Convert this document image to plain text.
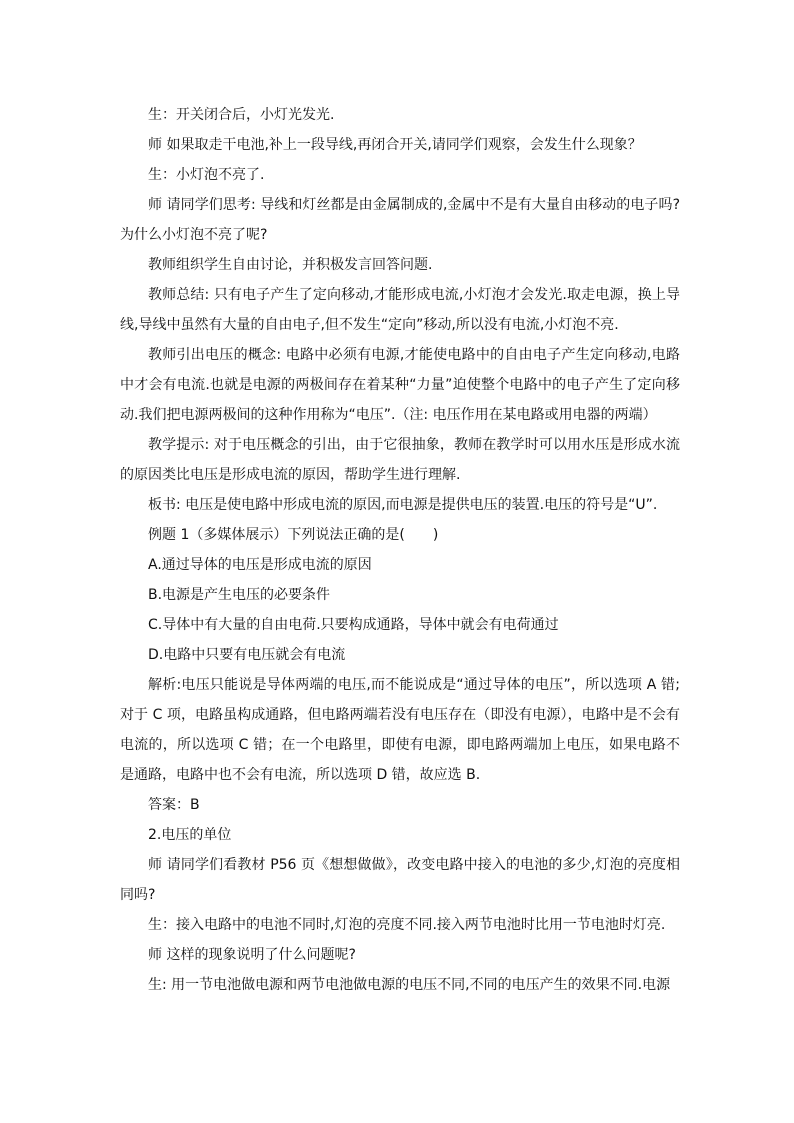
生：开关闭合后，小灯光发光.

师 如果取走干电池,补上一段导线,再闭合开关,请同学们观察，会发生什么现象？

生：小灯泡不亮了.

师 请同学们思考: 导线和灯丝都是由金属制成的,金属中不是有大量自由移动的电子吗?为什么小灯泡不亮了呢?

教师组织学生自由讨论，并积极发言回答问题.

教师总结: 只有电子产生了定向移动,才能形成电流,小灯泡才会发光.取走电源，换上导线,导线中虽然有大量的自由电子,但不发生“定向”移动,所以没有电流,小灯泡不亮.

教师引出电压的概念: 电路中必须有电源,才能使电路中的自由电子产生定向移动,电路中才会有电流.也就是电源的两极间存在着某种“力量”迫使整个电路中的电子产生了定向移动.我们把电源两极间的这种作用称为“电压”.（注: 电压作用在某电路或用电器的两端）

教学提示: 对于电压概念的引出，由于它很抽象，教师在教学时可以用水压是形成水流的原因类比电压是形成电流的原因，帮助学生进行理解.

板书: 电压是使电路中形成电流的原因,而电源是提供电压的装置.电压的符号是“U”.

例题 1（多媒体展示）下列说法正确的是(　　)

A.通过导体的电压是形成电流的原因

B.电源是产生电压的必要条件

C.导体中有大量的自由电荷.只要构成通路，导体中就会有电荷通过

D.电路中只要有电压就会有电流

解析:电压只能说是导体两端的电压,而不能说成是“通过导体的电压”，所以选项 A 错;对于 C 项，电路虽构成通路，但电路两端若没有电压存在（即没有电源），电路中是不会有电流的，所以选项 C 错；在一个电路里，即使有电源，即电路两端加上电压，如果电路不是通路，电路中也不会有电流，所以选项 D 错，故应选 B.

答案：B

2.电压的单位

师 请同学们看教材 P56 页《想想做做》，改变电路中接入的电池的多少,灯泡的亮度相同吗?

生：接入电路中的电池不同时,灯泡的亮度不同.接入两节电池时比用一节电池时灯亮.

师 这样的现象说明了什么问题呢?

生: 用一节电池做电源和两节电池做电源的电压不同,不同的电压产生的效果不同.电源
